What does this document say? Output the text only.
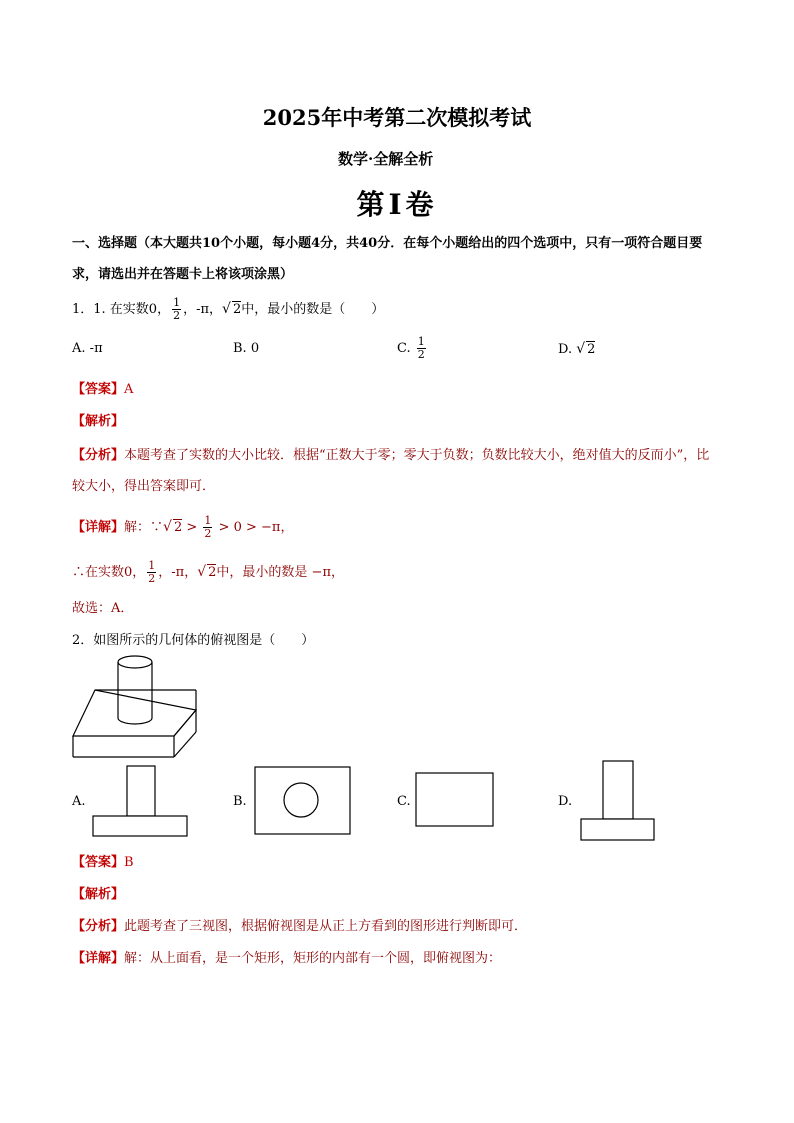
2025年中考第二次模拟考试
数学·全解全析
第Ⅰ卷
一、选择题（本大题共10个小题，每小题4分，共40分．在每个小题给出的四个选项中，只有一项符合题目要求，请选出并在答题卡上将该项涂黑）
1．1. 在实数0， $\frac{1}{2}$ ，-π，√ 2中，最小的数是（　　）
A. -π	B. 0	C. $\frac{1}{2}$	D. √ 2
【答案】A
【解析】
【分析】本题考查了实数的大小比较．根据“正数大于零；零大于负数；负数比较大小，绝对值大的反而小”，比较大小，得出答案即可．
【详解】解：∵√ $2 > \frac{1}{2} > 0 > -\pi$，
∴在实数0， $\frac{1}{2}$ ，-π，√ 2中，最小的数是 −π，
故选：A．
2．如图所示的几何体的俯视图是（　　）
A.	B.	C.	D.
【答案】B
【解析】
【分析】此题考查了三视图，根据俯视图是从正上方看到的图形进行判断即可．
【详解】解：从上面看，是一个矩形，矩形的内部有一个圆，即俯视图为：
